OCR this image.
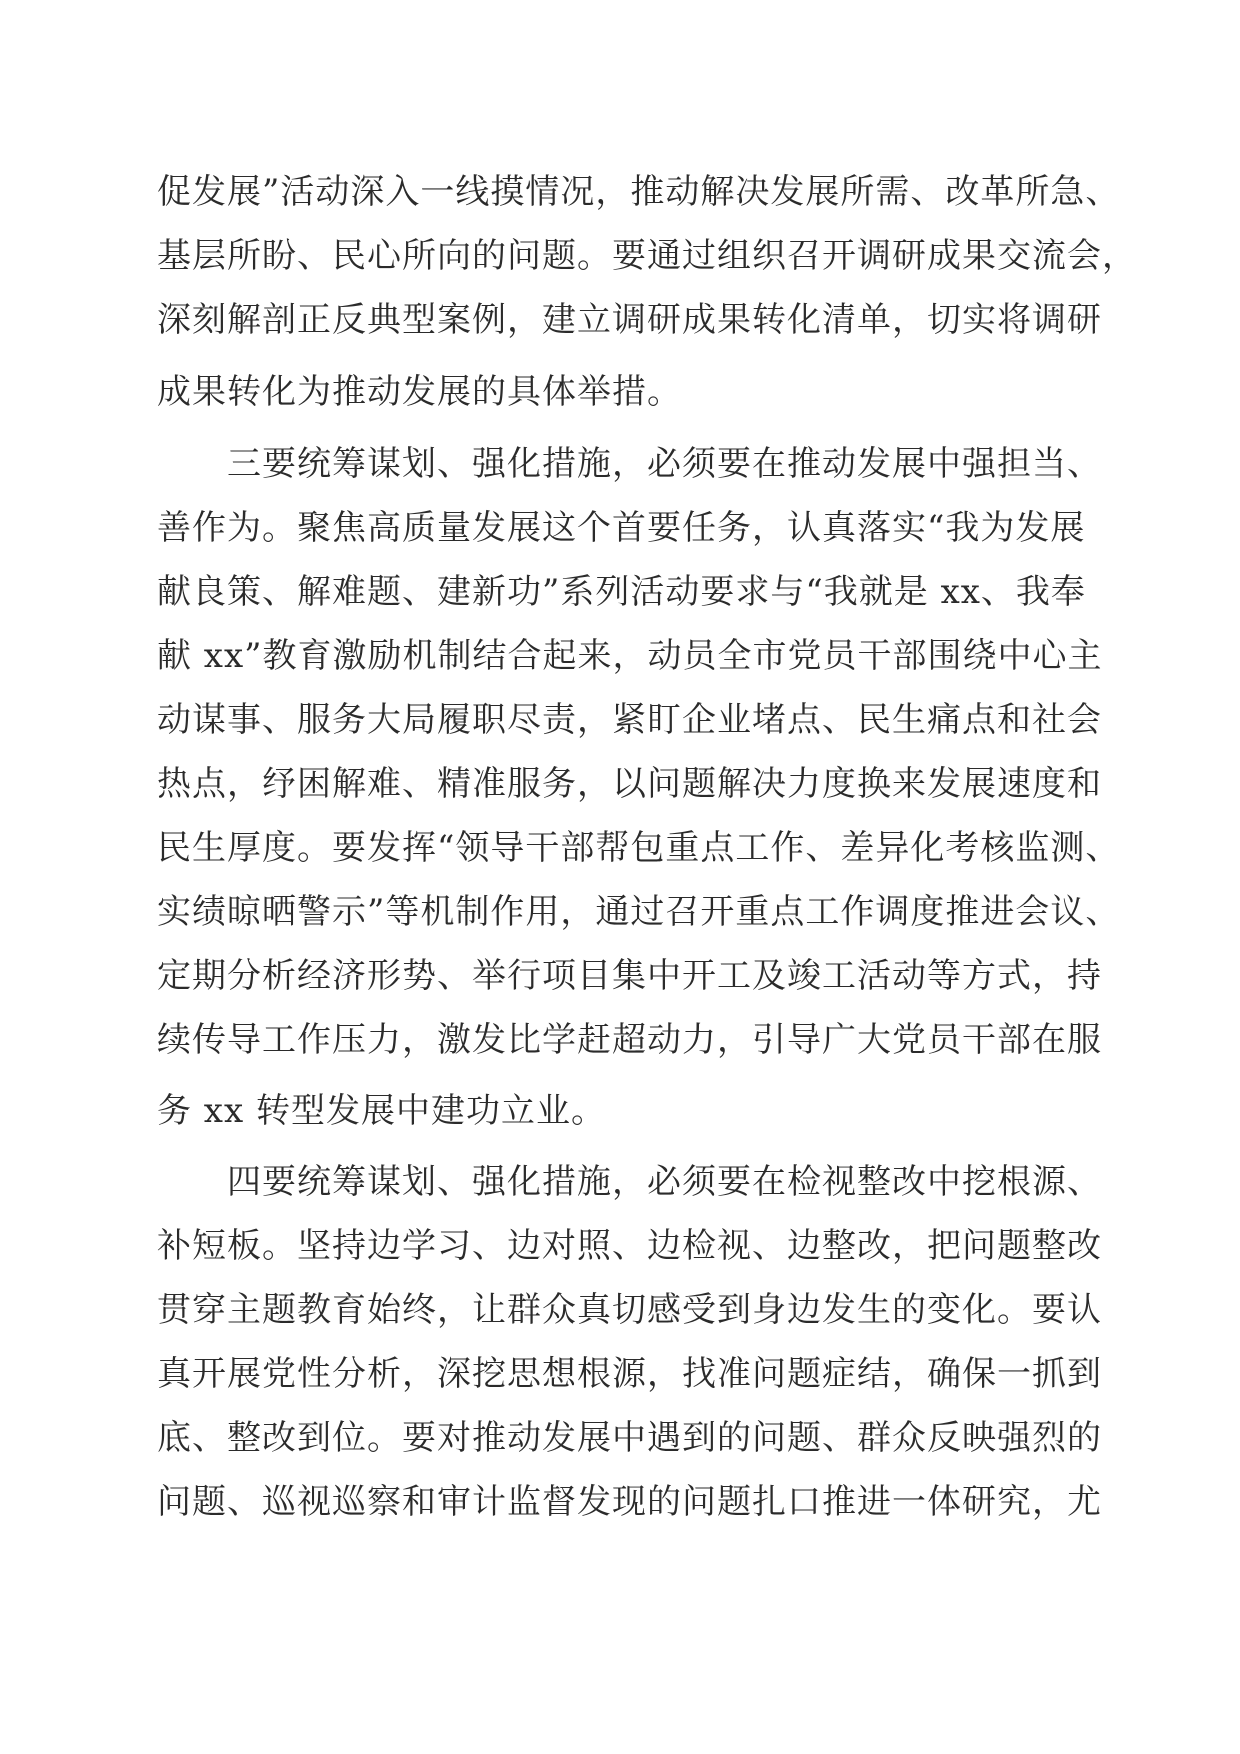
促发展”活动深入一线摸情况，推动解决发展所需、改革所急、
基层所盼、民心所向的问题。要通过组织召开调研成果交流会，
深刻解剖正反典型案例，建立调研成果转化清单，切实将调研
成果转化为推动发展的具体举措。
三要统筹谋划、强化措施，必须要在推动发展中强担当、
善作为。聚焦高质量发展这个首要任务，认真落实“我为发展
献良策、解难题、建新功”系列活动要求与“我就是 xx、我奉
献 xx”教育激励机制结合起来，动员全市党员干部围绕中心主
动谋事、服务大局履职尽责，紧盯企业堵点、民生痛点和社会
热点，纾困解难、精准服务，以问题解决力度换来发展速度和
民生厚度。要发挥“领导干部帮包重点工作、差异化考核监测、
实绩晾晒警示”等机制作用，通过召开重点工作调度推进会议、
定期分析经济形势、举行项目集中开工及竣工活动等方式，持
续传导工作压力，激发比学赶超动力，引导广大党员干部在服
务 xx 转型发展中建功立业。
四要统筹谋划、强化措施，必须要在检视整改中挖根源、
补短板。坚持边学习、边对照、边检视、边整改，把问题整改
贯穿主题教育始终，让群众真切感受到身边发生的变化。要认
真开展党性分析，深挖思想根源，找准问题症结，确保一抓到
底、整改到位。要对推动发展中遇到的问题、群众反映强烈的
问题、巡视巡察和审计监督发现的问题扎口推进一体研究，尤
